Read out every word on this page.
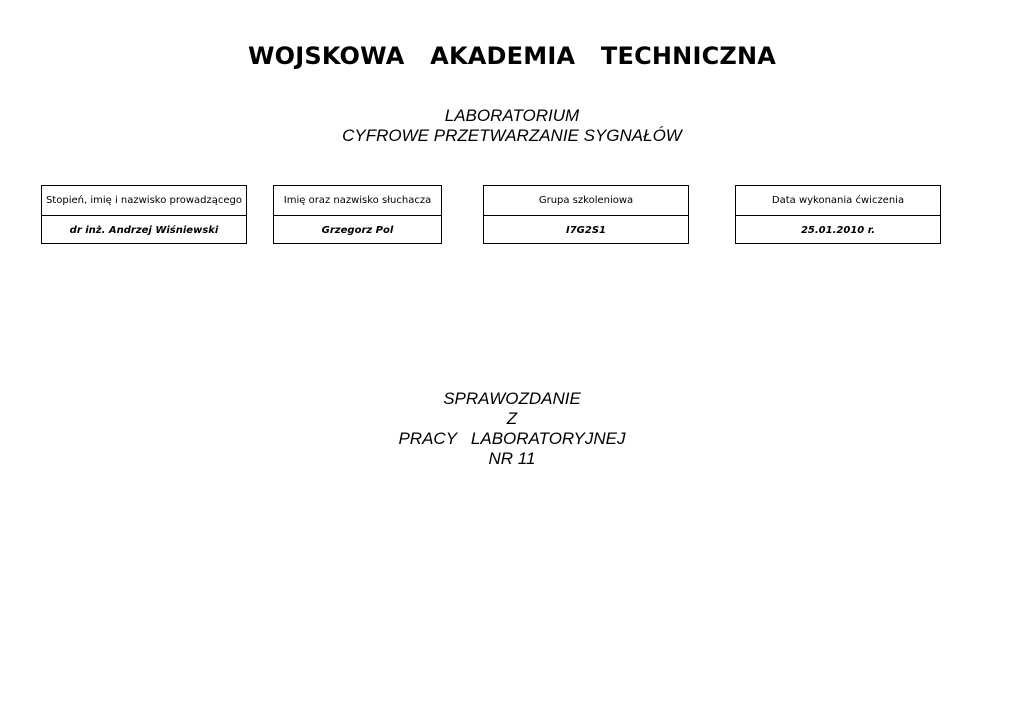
WOJSKOWA   AKADEMIA   TECHNICZNA
LABORATORIUM
CYFROWE PRZETWARZANIE SYGNAŁÓW
Stopień, imię i nazwisko prowadzącego
dr inż. Andrzej Wiśniewski
Imię oraz nazwisko słuchacza
Grzegorz Pol
Grupa szkoleniowa
I7G2S1
Data wykonania ćwiczenia
25.01.2010 r.
SPRAWOZDANIE
Z
PRACY   LABORATORYJNEJ
NR 11
